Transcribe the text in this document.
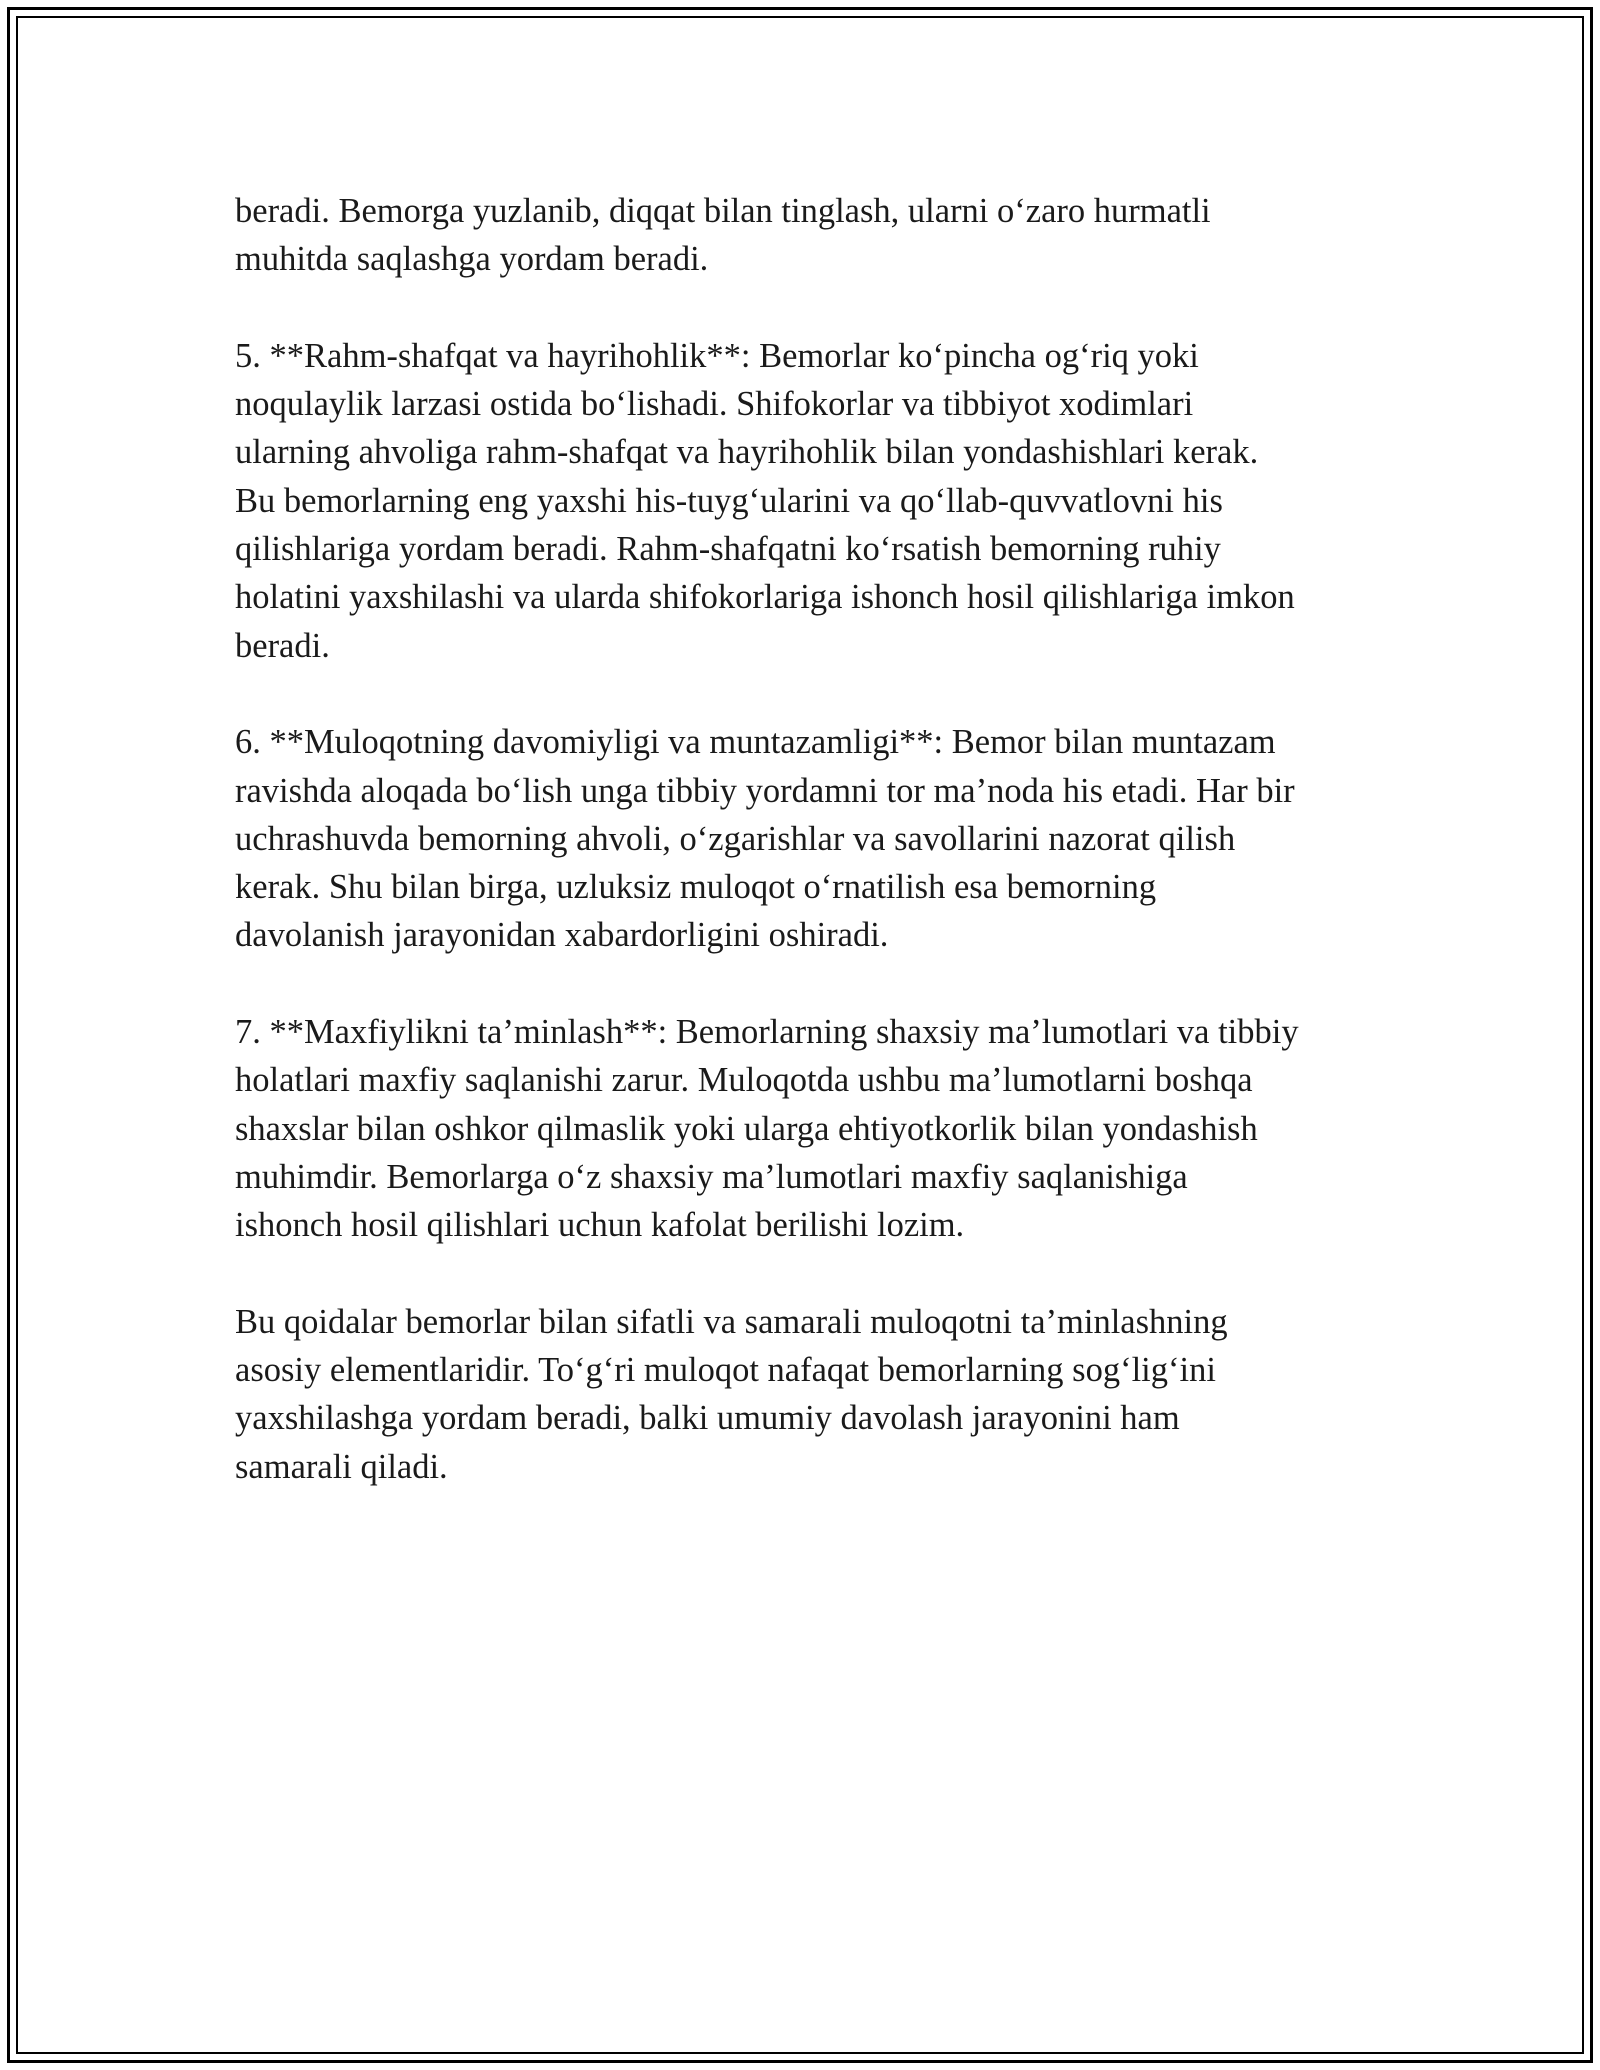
beradi. Bemorga yuzlanib, diqqat bilan tinglash, ularni o‘zaro hurmatli
muhitda saqlashga yordam beradi.
5. **Rahm-shafqat va hayrihohlik**: Bemorlar ko‘pincha og‘riq yoki
noqulaylik larzasi ostida bo‘lishadi. Shifokorlar va tibbiyot xodimlari
ularning ahvoliga rahm-shafqat va hayrihohlik bilan yondashishlari kerak.
Bu bemorlarning eng yaxshi his-tuyg‘ularini va qo‘llab-quvvatlovni his
qilishlariga yordam beradi. Rahm-shafqatni ko‘rsatish bemorning ruhiy
holatini yaxshilashi va ularda shifokorlariga ishonch hosil qilishlariga imkon
beradi.
6. **Muloqotning davomiyligi va muntazamligi**: Bemor bilan muntazam
ravishda aloqada bo‘lish unga tibbiy yordamni tor ma’noda his etadi. Har bir
uchrashuvda bemorning ahvoli, o‘zgarishlar va savollarini nazorat qilish
kerak. Shu bilan birga, uzluksiz muloqot o‘rnatilish esa bemorning
davolanish jarayonidan xabardorligini oshiradi.
7. **Maxfiylikni ta’minlash**: Bemorlarning shaxsiy ma’lumotlari va tibbiy
holatlari maxfiy saqlanishi zarur. Muloqotda ushbu ma’lumotlarni boshqa
shaxslar bilan oshkor qilmaslik yoki ularga ehtiyotkorlik bilan yondashish
muhimdir. Bemorlarga o‘z shaxsiy ma’lumotlari maxfiy saqlanishiga
ishonch hosil qilishlari uchun kafolat berilishi lozim.
Bu qoidalar bemorlar bilan sifatli va samarali muloqotni ta’minlashning
asosiy elementlaridir. To‘g‘ri muloqot nafaqat bemorlarning sog‘lig‘ini
yaxshilashga yordam beradi, balki umumiy davolash jarayonini ham
samarali qiladi.
